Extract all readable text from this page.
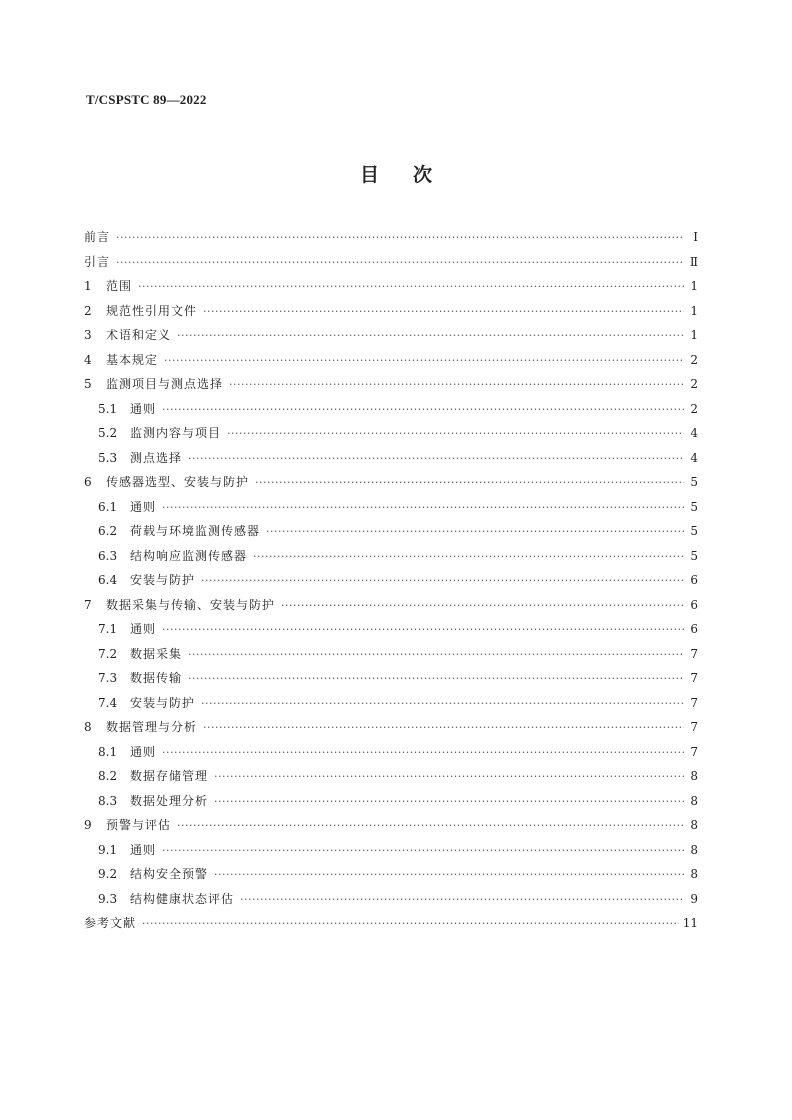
T/CSPSTC 89—2022
目次
前言 ·····	Ⅰ
引言 ·····	Ⅱ
1	范围 ·····	1
2	规范性引用文件 ·····	1
3	术语和定义 ·····	1
4	基本规定 ·····	2
5	监测项目与测点选择 ·····	2
5.1	通则 ·····	2
5.2	监测内容与项目 ·····	4
5.3	测点选择 ·····	4
6	传感器选型、安装与防护 ·····	5
6.1	通则 ·····	5
6.2	荷载与环境监测传感器 ·····	5
6.3	结构响应监测传感器 ·····	5
6.4	安装与防护 ·····	6
7	数据采集与传输、安装与防护 ·····	6
7.1	通则 ·····	6
7.2	数据采集 ·····	7
7.3	数据传输 ·····	7
7.4	安装与防护 ·····	7
8	数据管理与分析 ·····	7
8.1	通则 ·····	7
8.2	数据存储管理 ·····	8
8.3	数据处理分析 ·····	8
9	预警与评估 ·····	8
9.1	通则 ·····	8
9.2	结构安全预警 ·····	8
9.3	结构健康状态评估 ·····	9
参考文献 ·····	11
